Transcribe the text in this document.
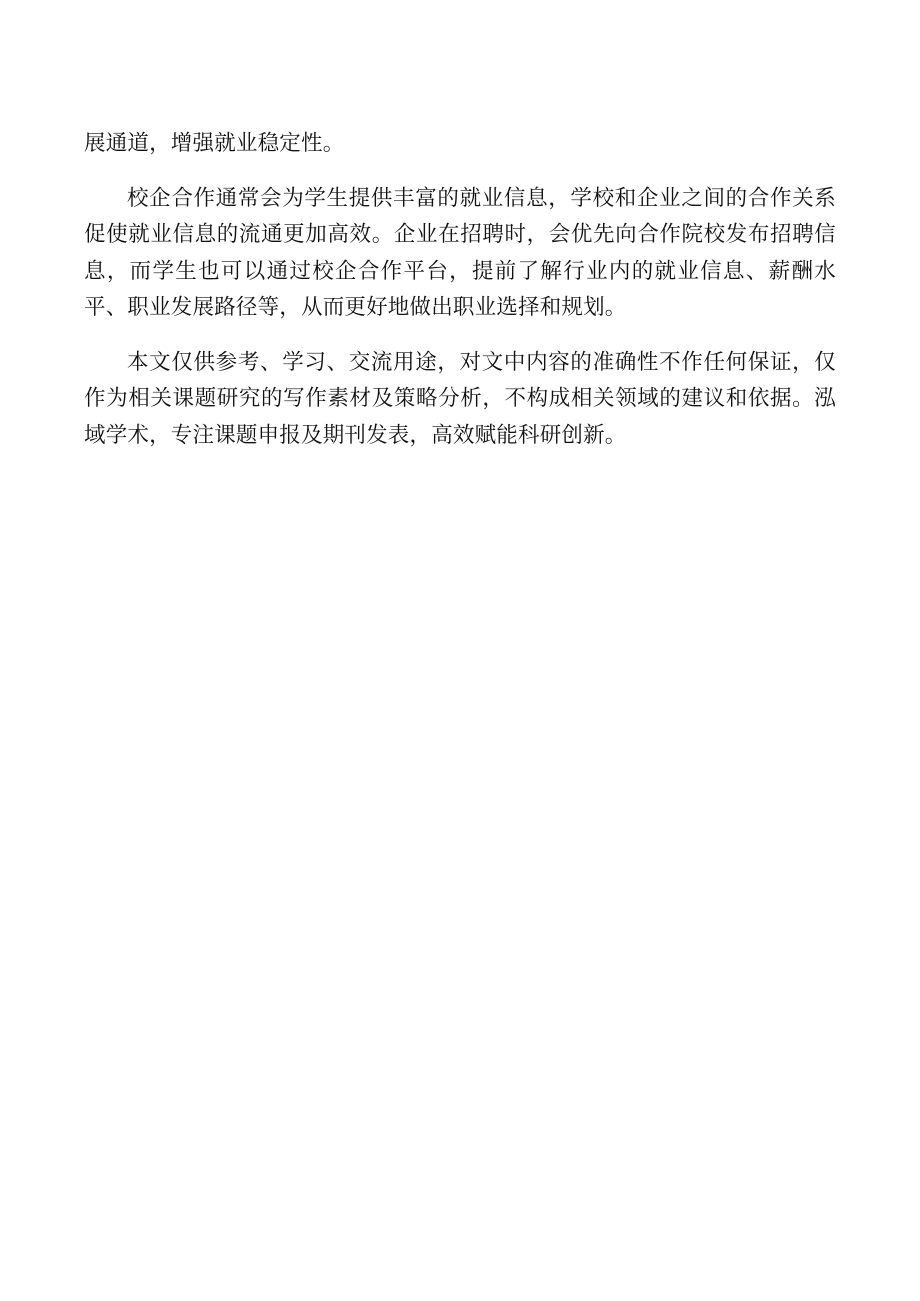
展通道，增强就业稳定性。

校企合作通常会为学生提供丰富的就业信息，学校和企业之间的合作关系促使就业信息的流通更加高效。企业在招聘时，会优先向合作院校发布招聘信息，而学生也可以通过校企合作平台，提前了解行业内的就业信息、薪酬水平、职业发展路径等，从而更好地做出职业选择和规划。

本文仅供参考、学习、交流用途，对文中内容的准确性不作任何保证，仅作为相关课题研究的写作素材及策略分析，不构成相关领域的建议和依据。泓域学术，专注课题申报及期刊发表，高效赋能科研创新。
